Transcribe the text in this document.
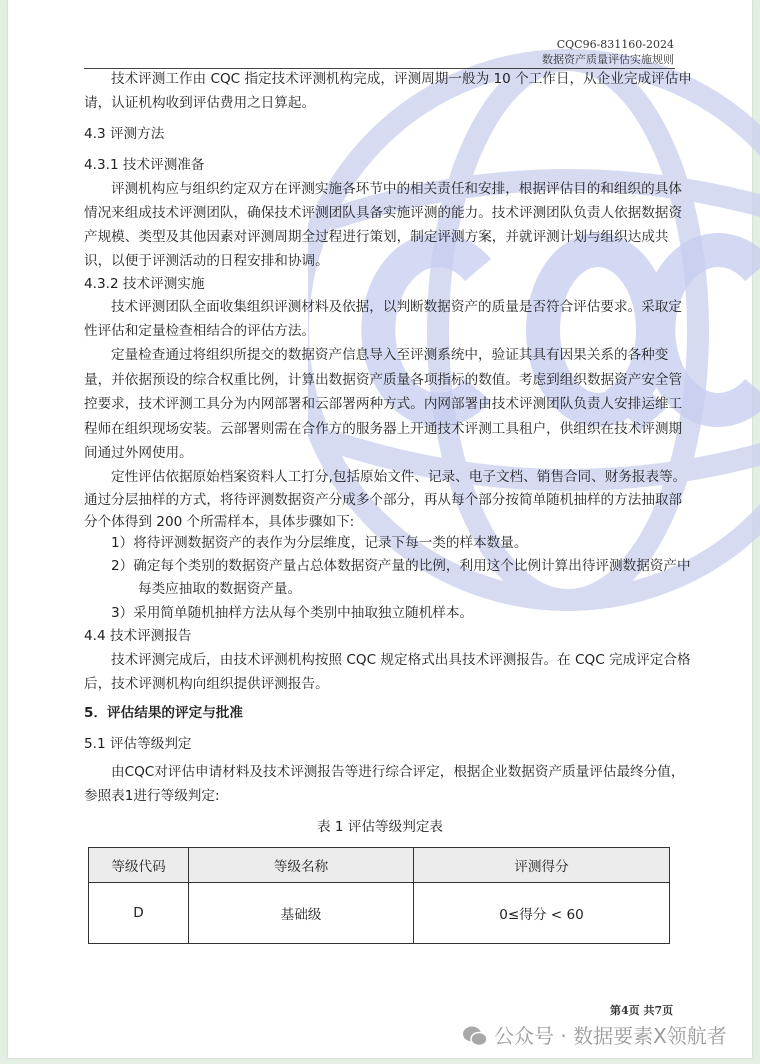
CQC96-831160-2024
数据资产质量评估实施规则
技术评测工作由 CQC 指定技术评测机构完成，评测周期一般为 10 个工作日，从企业完成评估申
请，认证机构收到评估费用之日算起。
4.3 评测方法
4.3.1 技术评测准备
评测机构应与组织约定双方在评测实施各环节中的相关责任和安排，根据评估目的和组织的具体
情况来组成技术评测团队，确保技术评测团队具备实施评测的能力。技术评测团队负责人依据数据资
产规模、类型及其他因素对评测周期全过程进行策划，制定评测方案，并就评测计划与组织达成共
识，以便于评测活动的日程安排和协调。
4.3.2 技术评测实施
技术评测团队全面收集组织评测材料及依据，以判断数据资产的质量是否符合评估要求。采取定
性评估和定量检查相结合的评估方法。
定量检查通过将组织所提交的数据资产信息导入至评测系统中，验证其具有因果关系的各种变
量，并依据预设的综合权重比例，计算出数据资产质量各项指标的数值。考虑到组织数据资产安全管
控要求，技术评测工具分为内网部署和云部署两种方式。内网部署由技术评测团队负责人安排运维工
程师在组织现场安装。云部署则需在合作方的服务器上开通技术评测工具租户，供组织在技术评测期
间通过外网使用。
定性评估依据原始档案资料人工打分,包括原始文件、记录、电子文档、销售合同、财务报表等。
通过分层抽样的方式，将待评测数据资产分成多个部分，再从每个部分按简单随机抽样的方法抽取部
分个体得到 200 个所需样本，具体步骤如下:
1）将待评测数据资产的表作为分层维度，记录下每一类的样本数量。
2）确定每个类别的数据资产量占总体数据资产量的比例，利用这个比例计算出待评测数据资产中
每类应抽取的数据资产量。
3）采用简单随机抽样方法从每个类别中抽取独立随机样本。
4.4 技术评测报告
技术评测完成后，由技术评测机构按照 CQC 规定格式出具技术评测报告。在 CQC 完成评定合格
后，技术评测机构向组织提供评测报告。
5．评估结果的评定与批准
5.1 评估等级判定
由CQC对评估申请材料及技术评测报告等进行综合评定，根据企业数据资产质量评估最终分值，
参照表1进行等级判定:
表 1 评估等级判定表
等级代码	等级名称	评测得分
D	基础级	0≤得分 < 60
第4页 共7页
公众号 · 数据要素X领航者
